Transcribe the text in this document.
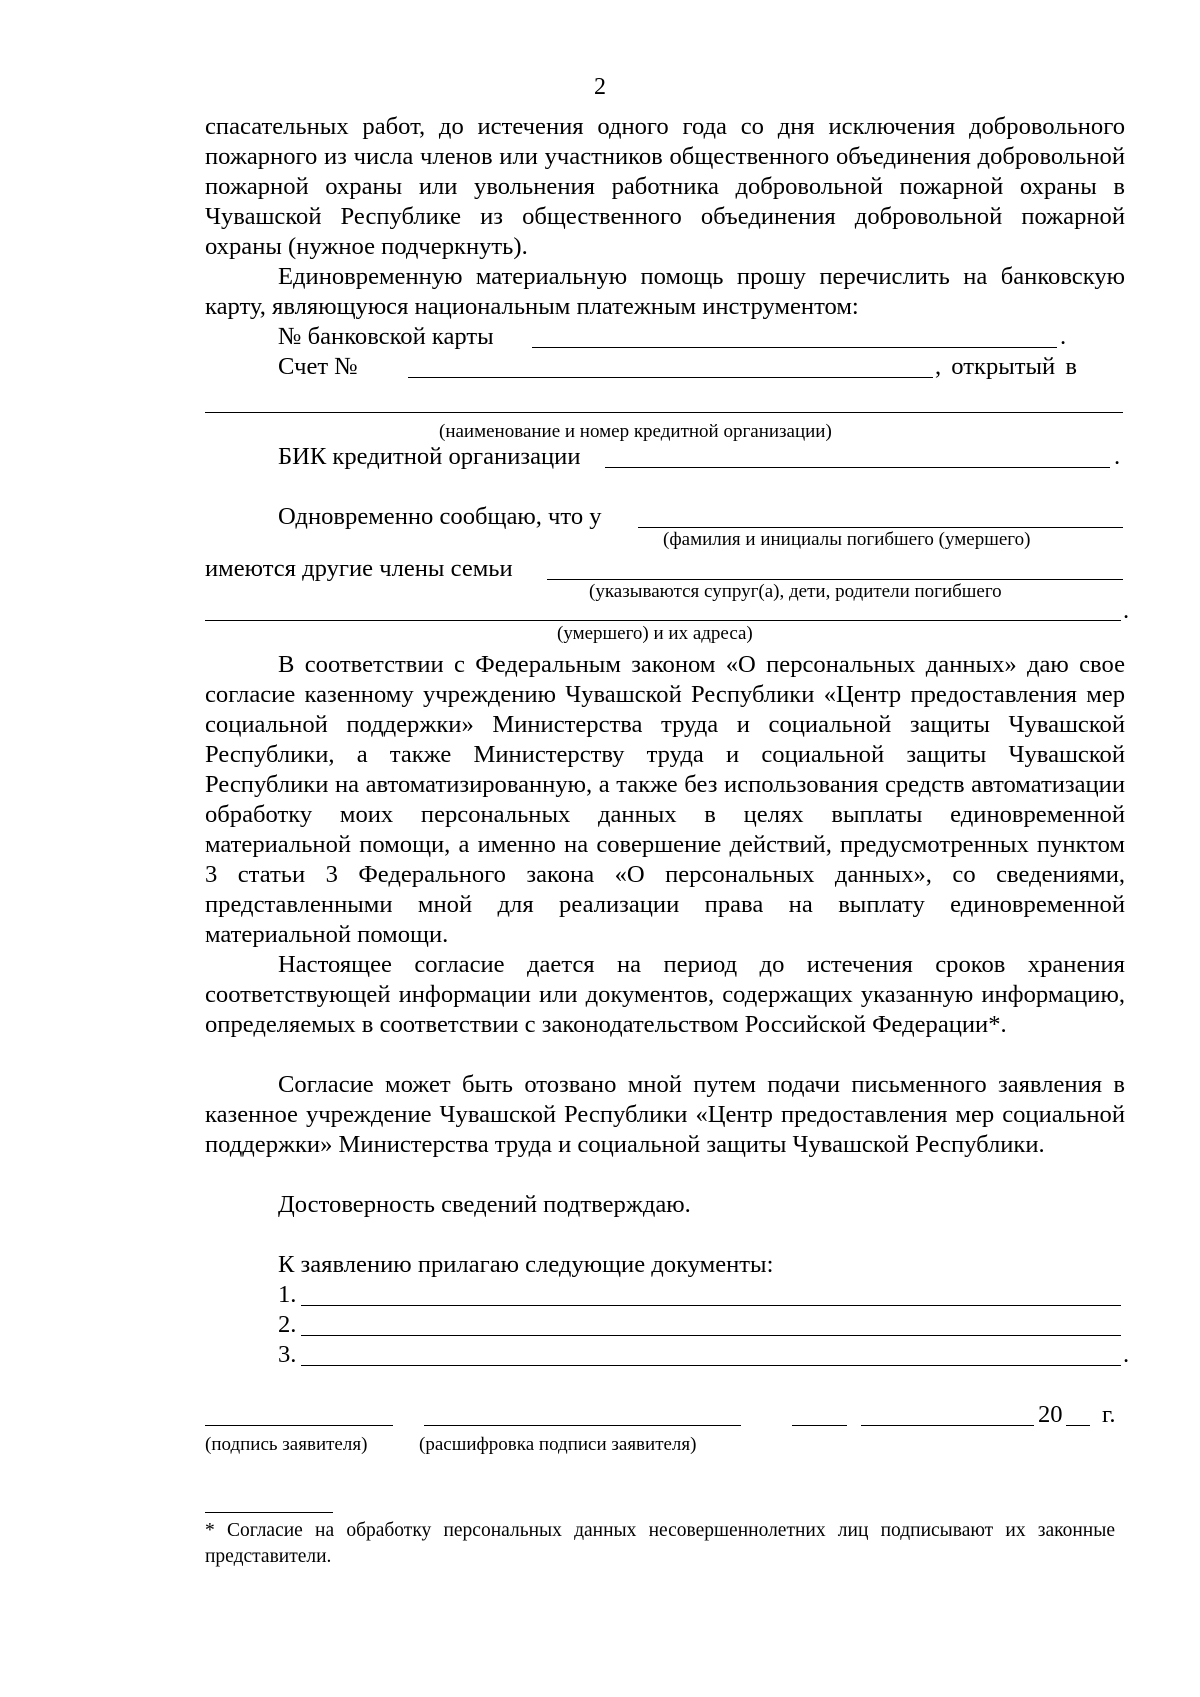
2

спасательных работ, до истечения одного года со дня исключения добровольного пожарного из числа членов или участников общественного объединения добровольной пожарной охраны или увольнения работника добровольной пожарной охраны в Чувашской Республике из общественного объединения добровольной пожарной охраны (нужное подчеркнуть).

Единовременную материальную помощь прошу перечислить на банковскую карту, являющуюся национальным платежным инструментом:

№ банковской карты	.
Счет №	, открытый в
(наименование и номер кредитной организации)
БИК кредитной организации	.
Одновременно сообщаю, что у
(фамилия и инициалы погибшего (умершего)
имеются другие члены семьи
(указываются супруг(а), дети, родители погибшего
.
(умершего) и их адреса)

В соответствии с Федеральным законом «О персональных данных» даю свое согласие казенному учреждению Чувашской Республики «Центр предоставления мер социальной поддержки» Министерства труда и социальной защиты Чувашской Республики, а также Министерству труда и социальной защиты Чувашской Республики на автоматизированную, а также без использования средств автоматизации обработку моих персональных данных в целях выплаты единовременной материальной помощи, а именно на совершение действий, предусмотренных пунктом 3 статьи 3 Федерального закона «О персональных данных», со сведениями, представленными мной для реализации права на выплату единовременной материальной помощи.

Настоящее согласие дается на период до истечения сроков хранения соответствующей информации или документов, содержащих указанную информацию, определяемых в соответствии с законодательством Российской Федерации*.

Согласие может быть отозвано мной путем подачи письменного заявления в казенное учреждение Чувашской Республики «Центр предоставления мер социальной поддержки» Министерства труда и социальной защиты Чувашской Республики.

Достоверность сведений подтверждаю.

К заявлению прилагаю следующие документы:

1.
2.
3.	.
20 г.
(подпись заявителя)	(расшифровка подписи заявителя)
* Согласие на обработку персональных данных несовершеннолетних лиц подписывают их законные представители.
